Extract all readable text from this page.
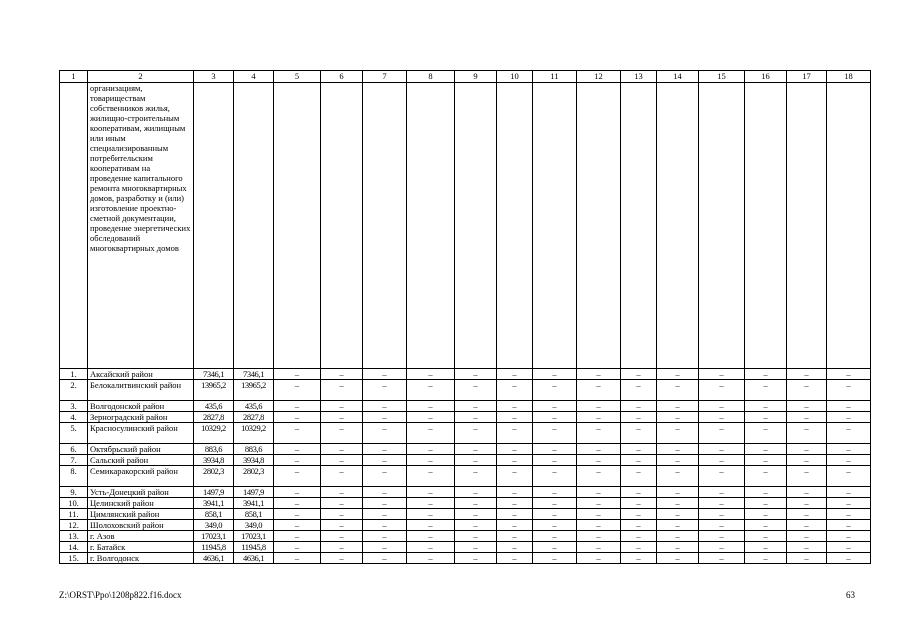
1	2	3	4	5	6	7	8	9	10	11	12	13	14	15	16	17	18
	организациям, товариществам собственников жилья, жилищно-строительным кооперативам, жилищным или иным специализированным потребительским кооперативам на проведение капитального ремонта многоквартирных домов, разработку и (или) изготовление проектно-сметной документации, проведение энергетических обследований многоквартирных домов																
1.	Аксайский район	7346,1	7346,1	–	–	–	–	–	–	–	–	–	–	–	–	–	–
2.	Белокалитвинский район	13965,2	13965,2	–	–	–	–	–	–	–	–	–	–	–	–	–	–
3.	Волгодонской район	435,6	435,6	–	–	–	–	–	–	–	–	–	–	–	–	–	–
4.	Зерноградский район	2827,8	2827,8	–	–	–	–	–	–	–	–	–	–	–	–	–	–
5.	Красносулинский район	10329,2	10329,2	–	–	–	–	–	–	–	–	–	–	–	–	–	–
6.	Октябрьский район	883,6	883,6	–	–	–	–	–	–	–	–	–	–	–	–	–	–
7.	Сальский район	3934,8	3934,8	–	–	–	–	–	–	–	–	–	–	–	–	–	–
8.	Семикаракорский район	2802,3	2802,3	–	–	–	–	–	–	–	–	–	–	–	–	–	–
9.	Усть-Донецкий район	1497,9	1497,9	–	–	–	–	–	–	–	–	–	–	–	–	–	–
10.	Целинский район	3941,1	3941,1	–	–	–	–	–	–	–	–	–	–	–	–	–	–
11.	Цимлянский район	858,1	858,1	–	–	–	–	–	–	–	–	–	–	–	–	–	–
12.	Шолоховский район	349,0	349,0	–	–	–	–	–	–	–	–	–	–	–	–	–	–
13.	г. Азов	17023,1	17023,1	–	–	–	–	–	–	–	–	–	–	–	–	–	–
14.	г. Батайск	11945,8	11945,8	–	–	–	–	–	–	–	–	–	–	–	–	–	–
15.	г. Волгодонск	4636,1	4636,1	–	–	–	–	–	–	–	–	–	–	–	–	–	–
Z:\ORST\Ppo\1208p822.f16.docx	63
